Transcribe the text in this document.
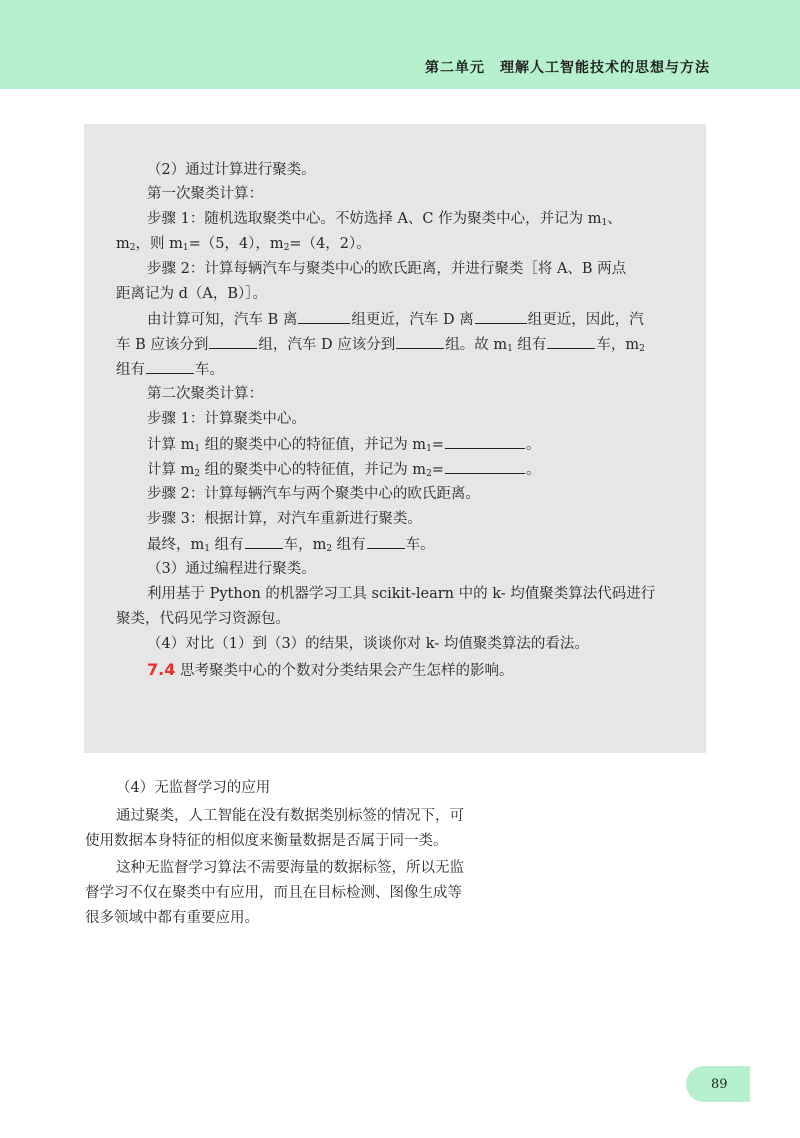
第二单元　理解人工智能技术的思想与方法
（2）通过计算进行聚类。
第一次聚类计算：
步骤 1：随机选取聚类中心。不妨选择 A、C 作为聚类中心，并记为 $m_1$、
$m_2$，则 $m_1=(5$，4），$m_2=(4$，2）。
步骤 2：计算每辆汽车与聚类中心的欧氏距离，并进行聚类［将 A、B 两点
距离记为 d（A，B）］。
由计算可知，汽车 B 离	组更近，汽车 D 离	组更近，因此，汽
车 B 应该分到	组，汽车 D 应该分到	组。故 $m_1$ 组有	车，$m_2$
组有	车。
第二次聚类计算：
步骤 1：计算聚类中心。
计算 $m_1$ 组的聚类中心的特征值，并记为 $m_1=$	。
计算 $m_2$ 组的聚类中心的特征值，并记为 $m_2=$	。
步骤 2：计算每辆汽车与两个聚类中心的欧氏距离。
步骤 3：根据计算，对汽车重新进行聚类。
最终，$m_1$ 组有	车，$m_2$ 组有	车。
（3）通过编程进行聚类。
利用基于 Python 的机器学习工具 scikit-learn 中的 k- 均值聚类算法代码进行
聚类，代码见学习资源包。
（4）对比（1）到（3）的结果，谈谈你对 k- 均值聚类算法的看法。
7.4 思考聚类中心的个数对分类结果会产生怎样的影响。
（4）无监督学习的应用
通过聚类，人工智能在没有数据类别标签的情况下，可
使用数据本身特征的相似度来衡量数据是否属于同一类。
这种无监督学习算法不需要海量的数据标签，所以无监
督学习不仅在聚类中有应用，而且在目标检测、图像生成等
很多领域中都有重要应用。
89
